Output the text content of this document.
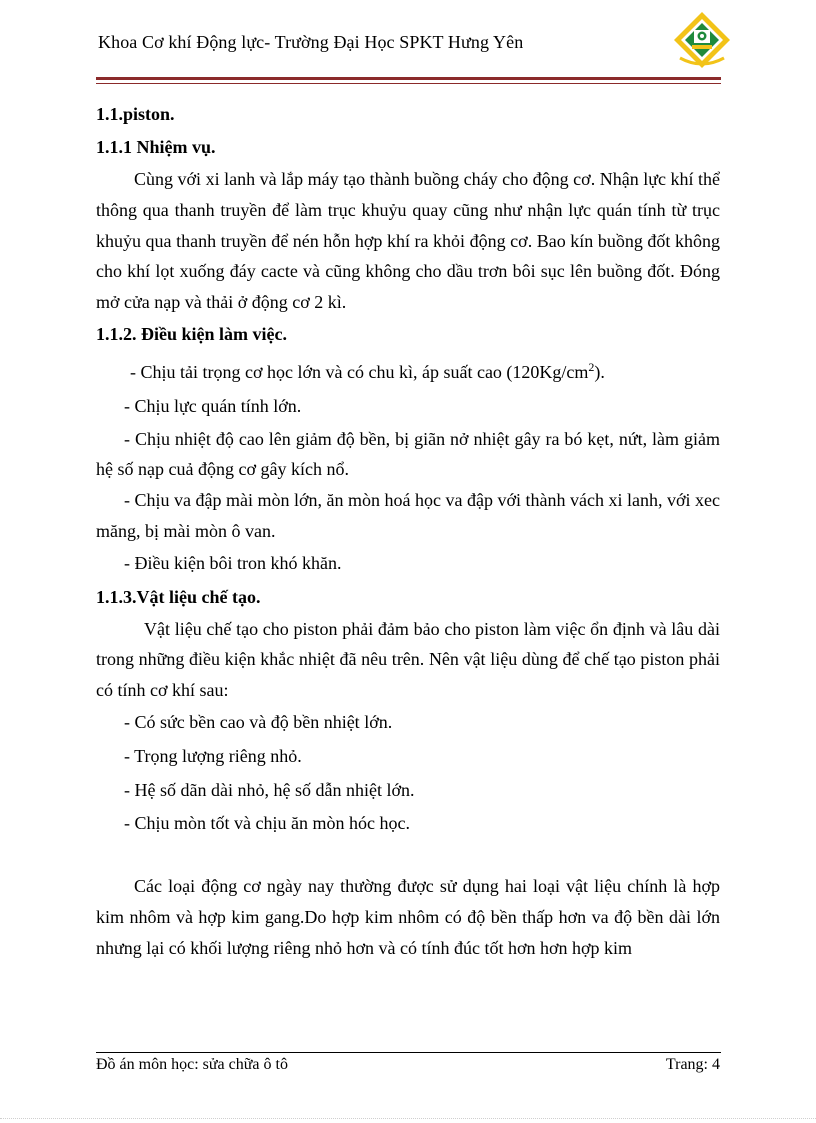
Khoa Cơ khí Động lực- Trường Đại Học SPKT Hưng Yên

1.1.piston.

1.1.1 Nhiệm vụ.

Cùng với xi lanh và lắp máy tạo thành buồng cháy cho động cơ. Nhận lực khí thể thông qua thanh truyền để làm trục khuỷu quay cũng như nhận lực quán tính từ trục khuỷu qua thanh truyền để nén hỗn hợp khí ra khỏi động cơ. Bao kín buồng đốt không cho khí lọt xuống đáy cacte và cũng không cho dầu trơn bôi sục lên buồng đốt. Đóng mở cửa nạp và thải ở động cơ 2 kì.

1.1.2. Điều kiện làm việc.

- Chịu tải trọng cơ học lớn và có chu kì, áp suất cao $(120Kg/cm^2)$.

- Chịu lực quán tính lớn.

- Chịu nhiệt độ cao lên giảm độ bền, bị giãn nở nhiệt gây ra bó kẹt, nứt, làm giảm hệ số nạp cuả động cơ gây kích nổ.

- Chịu va đập mài mòn lớn, ăn mòn hoá học va đập với thành vách xi lanh, với xec măng, bị mài mòn ô van.

- Điều kiện bôi tron khó khăn.

1.1.3.Vật liệu chế tạo.

Vật liệu chế tạo cho piston phải đảm bảo cho piston làm việc ổn định và lâu dài trong những điều kiện khắc nhiệt đã nêu trên. Nên vật liệu dùng để chế tạo piston phải có tính cơ khí sau:

- Có sức bền cao và độ bền nhiệt lớn.

- Trọng lượng riêng nhỏ.

- Hệ số dãn dài nhỏ, hệ số dẫn nhiệt lớn.

- Chịu mòn tốt và chịu ăn mòn hóc học.

Các loại động cơ ngày nay thường được sử dụng hai loại vật liệu chính là hợp kim nhôm và hợp kim gang.Do hợp kim nhôm có độ bền thấp hơn va độ bền dài lớn nhưng lại có khối lượng riêng nhỏ hơn và có tính đúc tốt hơn hơn hợp kim

Đồ án môn học: sửa chữa ô tô	Trang: 4
